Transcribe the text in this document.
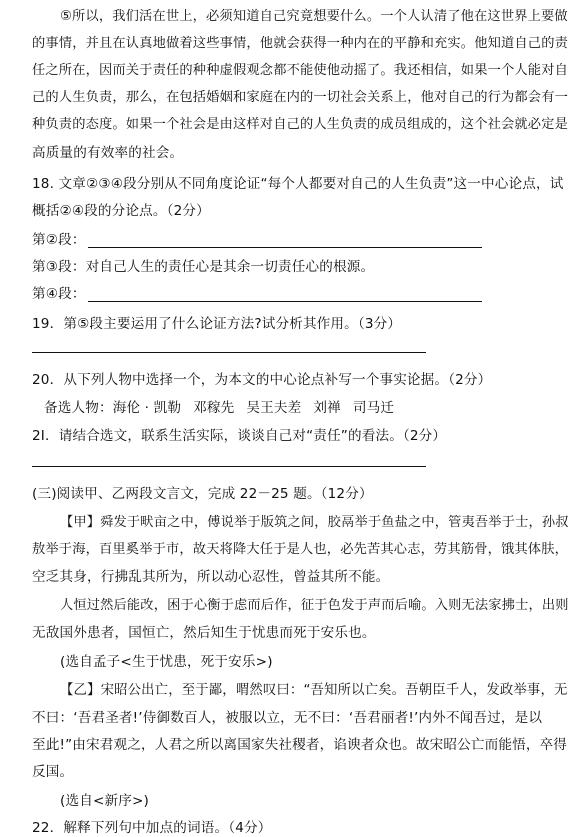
⑤所以，我们活在世上，必须知道自己究竟想要什么。一个人认清了他在这世界上要做
的事情，并且在认真地做着这些事情，他就会获得一种内在的平静和充实。他知道自己的责
任之所在，因而关于责任的种种虚假观念都不能使他动摇了。我还相信，如果一个人能对自
己的人生负责，那么，在包括婚姻和家庭在内的一切社会关系上，他对自己的行为都会有一
种负责的态度。如果一个社会是由这样对自己的人生负责的成员组成的，这个社会就必定是
高质量的有效率的社会。
18. 文章②③④段分别从不同角度论证“每个人都要对自己的人生负责”这一中心论点，试
概括②④段的分论点。（2分）
第②段：
第③段：对自己人生的责任心是其余一切责任心的根源。
第④段：
19．第⑤段主要运用了什么论证方法?试分析其作用。（3分）
20．从下列人物中选择一个，为本文的中心论点补写一个事实论据。（2分）
备选人物：海伦 · 凯勒 邓稼先 吴王夫差 刘禅 司马迁
2I．请结合选文，联系生活实际，谈谈自己对“责任”的看法。（2分）
(三)阅读甲、乙两段文言文，完成 22－25 题。（12分）
【甲】舜发于畎亩之中，傅说举于版筑之间，胶鬲举于鱼盐之中，管夷吾举于士，孙叔
敖举于海，百里奚举于市，故天将降大任于是人也，必先苦其心志，劳其筋骨，饿其体肤，
空乏其身，行拂乱其所为，所以动心忍性，曾益其所不能。
人恒过然后能改，困于心衡于虑而后作，征于色发于声而后喻。入则无法家拂士，出则
无敌国外患者，国恒亡，然后知生于忧患而死于安乐也。
(选自孟子<生于忧患，死于安乐>)
【乙】宋昭公出亡，至于鄙，喟然叹曰：“吾知所以亡矣。吾朝臣千人，发政举事，无
不曰：‘吾君圣者!’侍御数百人，被服以立，无不曰：‘吾君丽者!’内外不闻吾过，是以
至此!”由宋君观之，人君之所以离国家失社稷者，谄谀者众也。故宋昭公亡而能悟，卒得
反国。
(选自<新序>)
22．解释下列句中加点的词语。（4分）
